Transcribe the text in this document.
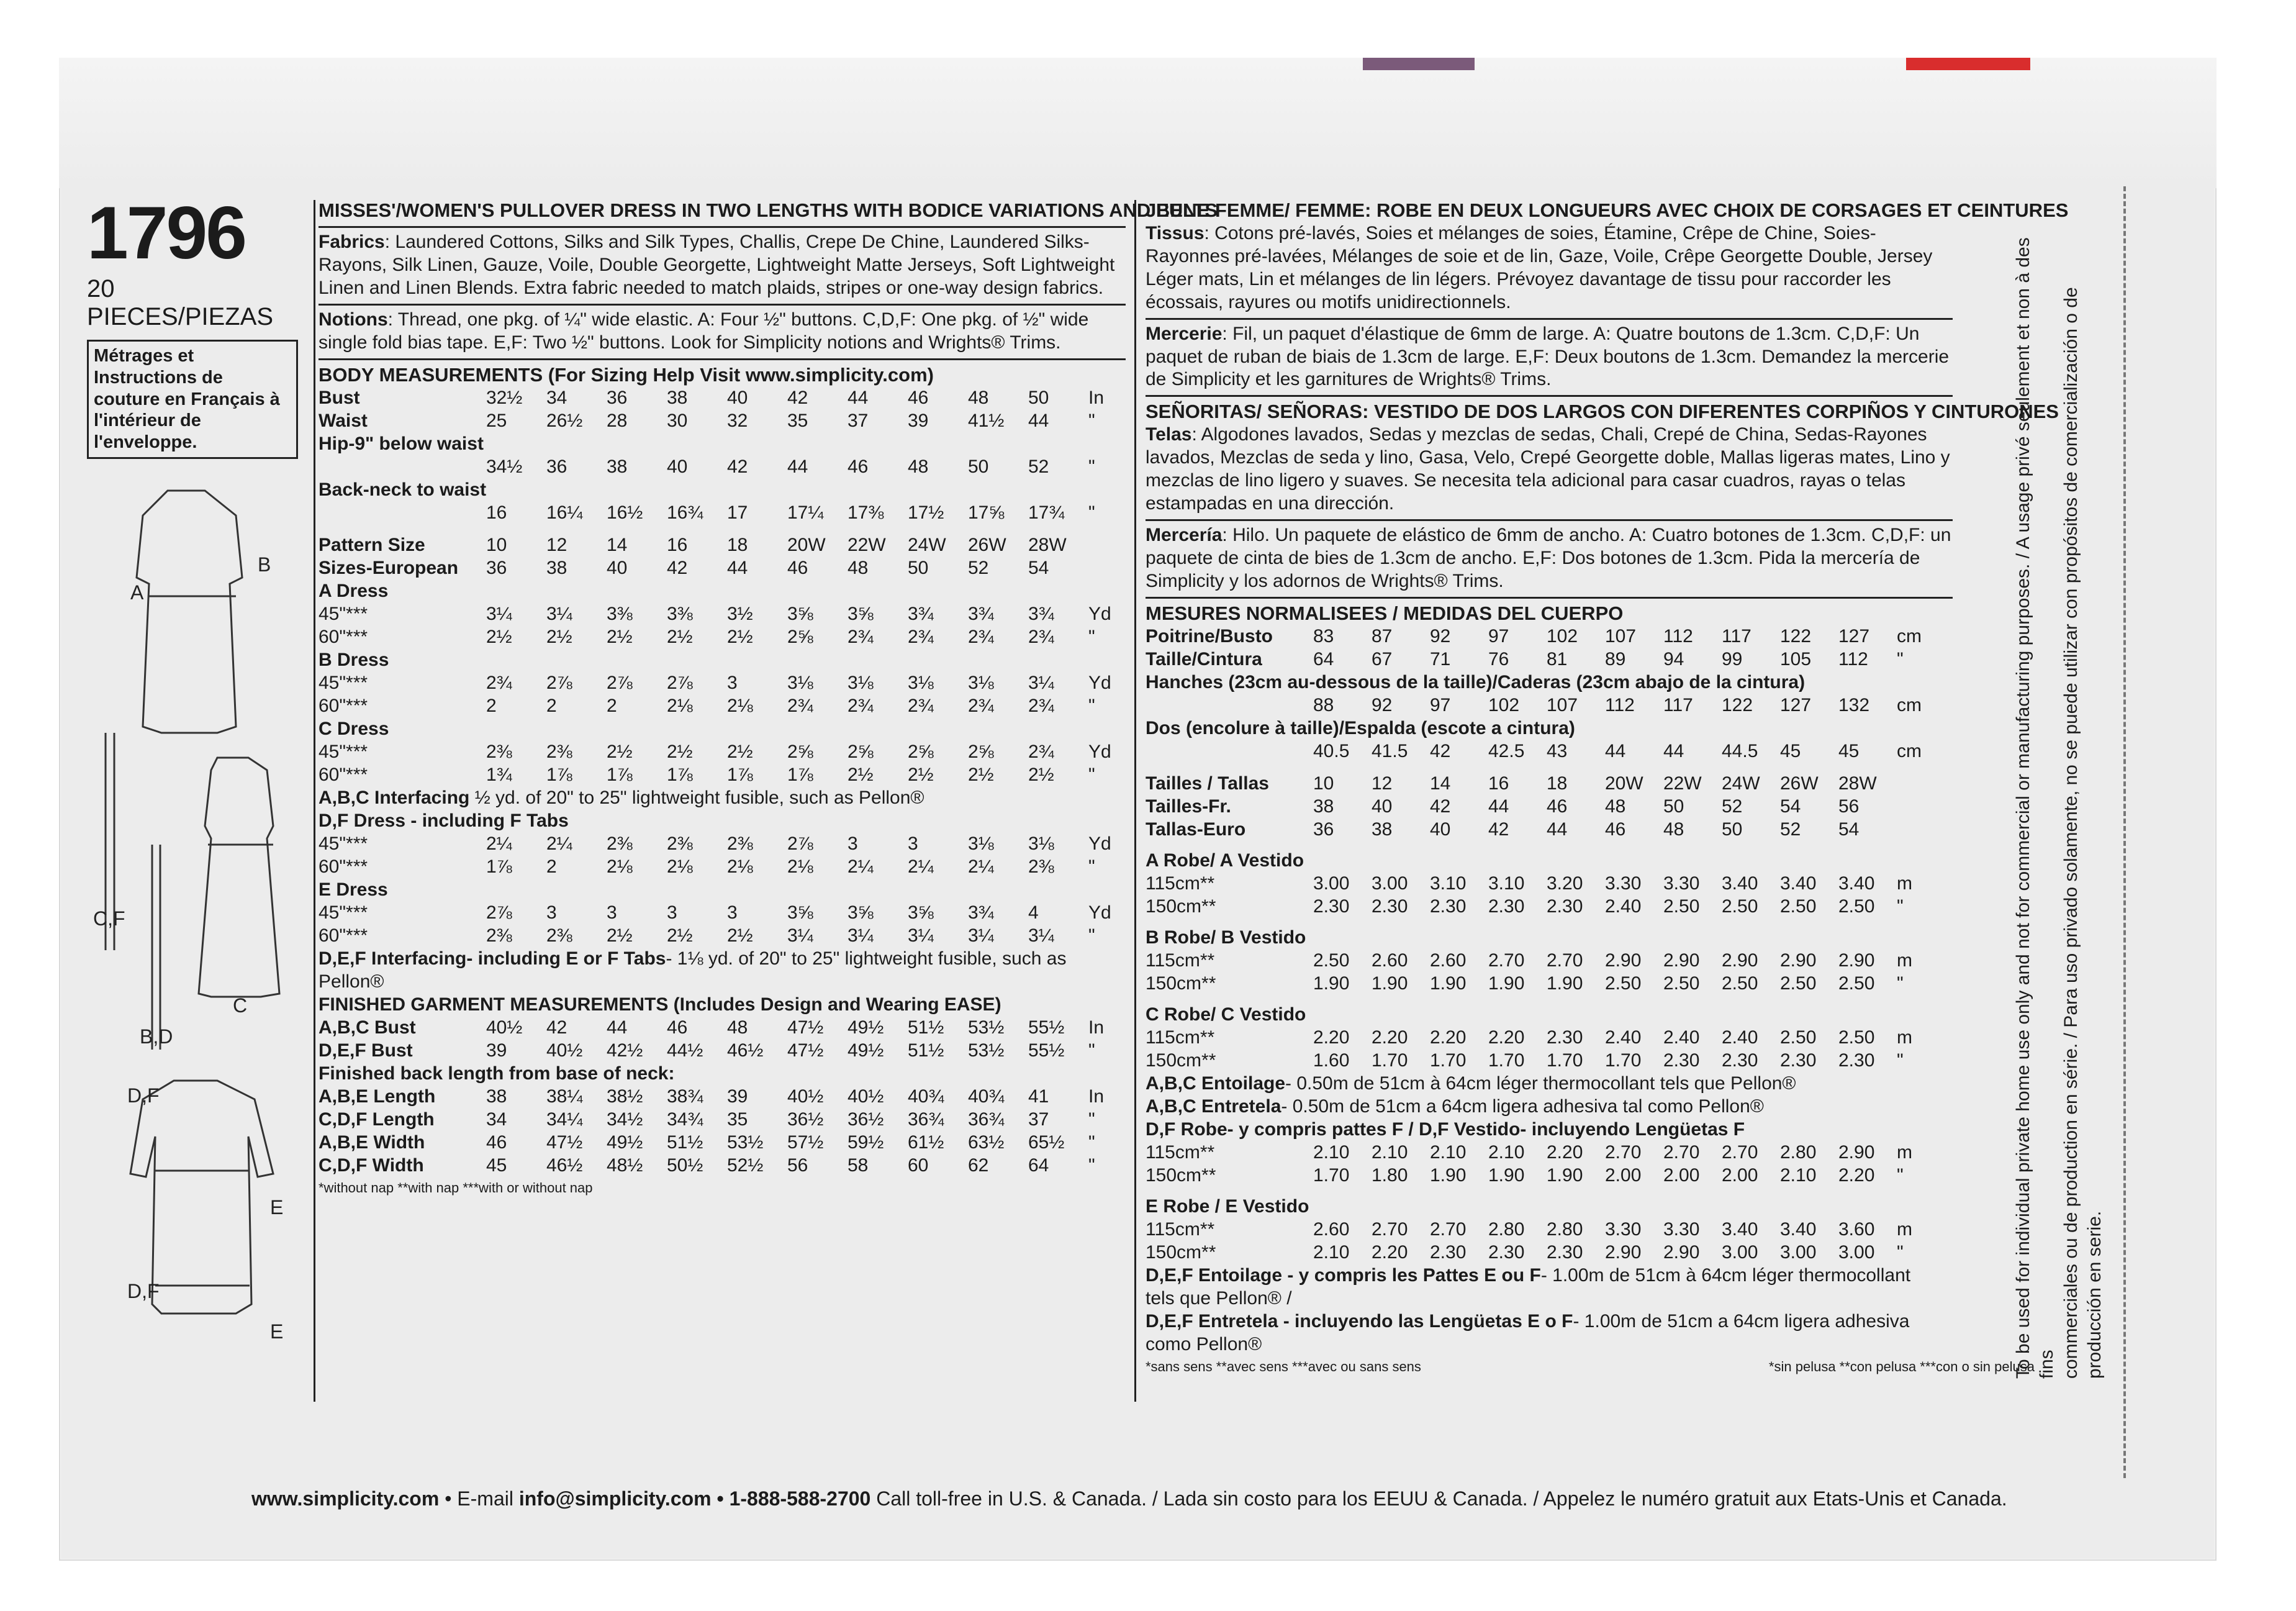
1796
20 PIECES/PIEZAS
Métrages et Instructions de couture en Français à l'intérieur de l'enveloppe.
A
B
C,F
C
B,D
D,F
E
D,F
E
MISSES'/WOMEN'S PULLOVER DRESS IN TWO LENGTHS WITH BODICE VARIATIONS AND BELTS
Fabrics: Laundered Cottons, Silks and Silk Types, Challis, Crepe De Chine, Laundered Silks-Rayons, Silk Linen, Gauze, Voile, Double Georgette, Lightweight Matte Jerseys, Soft Lightweight Linen and Linen Blends. Extra fabric needed to match plaids, stripes or one-way design fabrics.
Notions: Thread, one pkg. of ¼" wide elastic. A: Four ½" buttons. C,D,F: One pkg. of ½" wide single fold bias tape. E,F: Two ½" buttons. Look for Simplicity notions and Wrights® Trims.
BODY MEASUREMENTS (For Sizing Help Visit www.simplicity.com)
Bust	32½	34	36	38	40	42	44	46	48	50	In
Waist	25	26½	28	30	32	35	37	39	41½	44	"
Hip-9" below waist											
	34½	36	38	40	42	44	46	48	50	52	"
Back-neck to waist											
	16	16¼	16½	16¾	17	17¼	17⅜	17½	17⅝	17¾	"
Pattern Size	10	12	14	16	18	20W	22W	24W	26W	28W	
Sizes-European	36	38	40	42	44	46	48	50	52	54	
A Dress											
45"***	3¼	3¼	3⅜	3⅜	3½	3⅝	3⅝	3¾	3¾	3¾	Yd
60"***	2½	2½	2½	2½	2½	2⅝	2¾	2¾	2¾	2¾	"
B Dress											
45"***	2¾	2⅞	2⅞	2⅞	3	3⅛	3⅛	3⅛	3⅛	3¼	Yd
60"***	2	2	2	2⅛	2⅛	2¾	2¾	2¾	2¾	2¾	"
C Dress											
45"***	2⅜	2⅜	2½	2½	2½	2⅝	2⅝	2⅝	2⅝	2¾	Yd
60"***	1¾	1⅞	1⅞	1⅞	1⅞	1⅞	2½	2½	2½	2½	"
A,B,C Interfacing ½ yd. of 20" to 25" lightweight fusible, such as Pellon®											
D,F Dress - including F Tabs											
45"***	2¼	2¼	2⅜	2⅜	2⅜	2⅞	3	3	3⅛	3⅛	Yd
60"***	1⅞	2	2⅛	2⅛	2⅛	2⅛	2¼	2¼	2¼	2⅜	"
E Dress											
45"***	2⅞	3	3	3	3	3⅝	3⅝	3⅝	3¾	4	Yd
60"***	2⅜	2⅜	2½	2½	2½	3¼	3¼	3¼	3¼	3¼	"
D,E,F Interfacing- including E or F Tabs- 1⅛ yd. of 20" to 25" lightweight fusible, such as Pellon®											
FINISHED GARMENT MEASUREMENTS (Includes Design and Wearing EASE)											
A,B,C Bust	40½	42	44	46	48	47½	49½	51½	53½	55½	In
D,E,F Bust	39	40½	42½	44½	46½	47½	49½	51½	53½	55½	"
Finished back length from base of neck:											
A,B,E Length	38	38¼	38½	38¾	39	40½	40½	40¾	40¾	41	In
C,D,F Length	34	34¼	34½	34¾	35	36½	36½	36¾	36¾	37	"
A,B,E Width	46	47½	49½	51½	53½	57½	59½	61½	63½	65½	"
C,D,F Width	45	46½	48½	50½	52½	56	58	60	62	64	"
*without nap **with nap ***with or without nap
JEUNE FEMME/ FEMME: ROBE EN DEUX LONGUEURS AVEC CHOIX DE CORSAGES ET CEINTURES
Tissus: Cotons pré-lavés, Soies et mélanges de soies, Étamine, Crêpe de Chine, Soies-Rayonnes pré-lavées, Mélanges de soie et de lin, Gaze, Voile, Crêpe Georgette Double, Jersey Léger mats, Lin et mélanges de lin légers. Prévoyez davantage de tissu pour raccorder les écossais, rayures ou motifs unidirectionnels.
Mercerie: Fil, un paquet d'élastique de 6mm de large. A: Quatre boutons de 1.3cm. C,D,F: Un paquet de ruban de biais de 1.3cm de large. E,F: Deux boutons de 1.3cm. Demandez la mercerie de Simplicity et les garnitures de Wrights® Trims.
SEÑORITAS/ SEÑORAS: VESTIDO DE DOS LARGOS CON DIFERENTES CORPIÑOS Y CINTURONES
Telas: Algodones lavados, Sedas y mezclas de sedas, Chali, Crepé de China, Sedas-Rayones lavados, Mezclas de seda y lino, Gasa, Velo, Crepé Georgette doble, Mallas ligeras mates, Lino y mezclas de lino ligero y suaves. Se necesita tela adicional para casar cuadros, rayas o telas estampadas en una dirección.
Mercería: Hilo. Un paquete de elástico de 6mm de ancho. A: Cuatro botones de 1.3cm. C,D,F: un paquete de cinta de bies de 1.3cm de ancho. E,F: Dos botones de 1.3cm. Pida la mercería de Simplicity y los adornos de Wrights® Trims.
MESURES NORMALISEES / MEDIDAS DEL CUERPO
Poitrine/Busto	83	87	92	97	102	107	112	117	122	127	cm
Taille/Cintura	64	67	71	76	81	89	94	99	105	112	"
Hanches (23cm au-dessous de la taille)/Caderas (23cm abajo de la cintura)											
	88	92	97	102	107	112	117	122	127	132	cm
Dos (encolure à taille)/Espalda (escote a cintura)											
	40.5	41.5	42	42.5	43	44	44	44.5	45	45	cm
Tailles / Tallas	10	12	14	16	18	20W	22W	24W	26W	28W	
Tailles-Fr.	38	40	42	44	46	48	50	52	54	56	
Tallas-Euro	36	38	40	42	44	46	48	50	52	54	
A Robe/ A Vestido											
115cm**	3.00	3.00	3.10	3.10	3.20	3.30	3.30	3.40	3.40	3.40	m
150cm**	2.30	2.30	2.30	2.30	2.30	2.40	2.50	2.50	2.50	2.50	"
B Robe/ B Vestido											
115cm**	2.50	2.60	2.60	2.70	2.70	2.90	2.90	2.90	2.90	2.90	m
150cm**	1.90	1.90	1.90	1.90	1.90	2.50	2.50	2.50	2.50	2.50	"
C Robe/ C Vestido											
115cm**	2.20	2.20	2.20	2.20	2.30	2.40	2.40	2.40	2.50	2.50	m
150cm**	1.60	1.70	1.70	1.70	1.70	1.70	2.30	2.30	2.30	2.30	"
A,B,C Entoilage- 0.50m de 51cm à 64cm léger thermocollant tels que Pellon®											
A,B,C Entretela- 0.50m de 51cm a 64cm ligera adhesiva tal como Pellon®											
D,F Robe- y compris pattes F / D,F Vestido- incluyendo Lengüetas F											
115cm**	2.10	2.10	2.10	2.10	2.20	2.70	2.70	2.70	2.80	2.90	m
150cm**	1.70	1.80	1.90	1.90	1.90	2.00	2.00	2.00	2.10	2.20	"
E Robe / E Vestido											
115cm**	2.60	2.70	2.70	2.80	2.80	3.30	3.30	3.40	3.40	3.60	m
150cm**	2.10	2.20	2.30	2.30	2.30	2.90	2.90	3.00	3.00	3.00	"
D,E,F Entoilage - y compris les Pattes E ou F- 1.00m de 51cm à 64cm léger thermocollant tels que Pellon® /											
D,E,F Entretela - incluyendo las Lengüetas E o F- 1.00m de 51cm a 64cm ligera adhesiva como Pellon®											
*sans sens **avec sens ***avec ou sans sens	*sin pelusa **con pelusa ***con o sin pelusa
www.simplicity.com • E-mail info@simplicity.com • 1-888-588-2700 Call toll-free in U.S. & Canada. / Lada sin costo para los EEUU & Canada. / Appelez le numéro gratuit aux Etats-Unis et Canada.
To be used for individual private home use only and not for commercial or manufacturing purposes. / A usage privé seulement et non à des fins commerciales ou de production en série. / Para uso privado solamente, no se puede utilizar con propósitos de comercialización o de producción en serie.
